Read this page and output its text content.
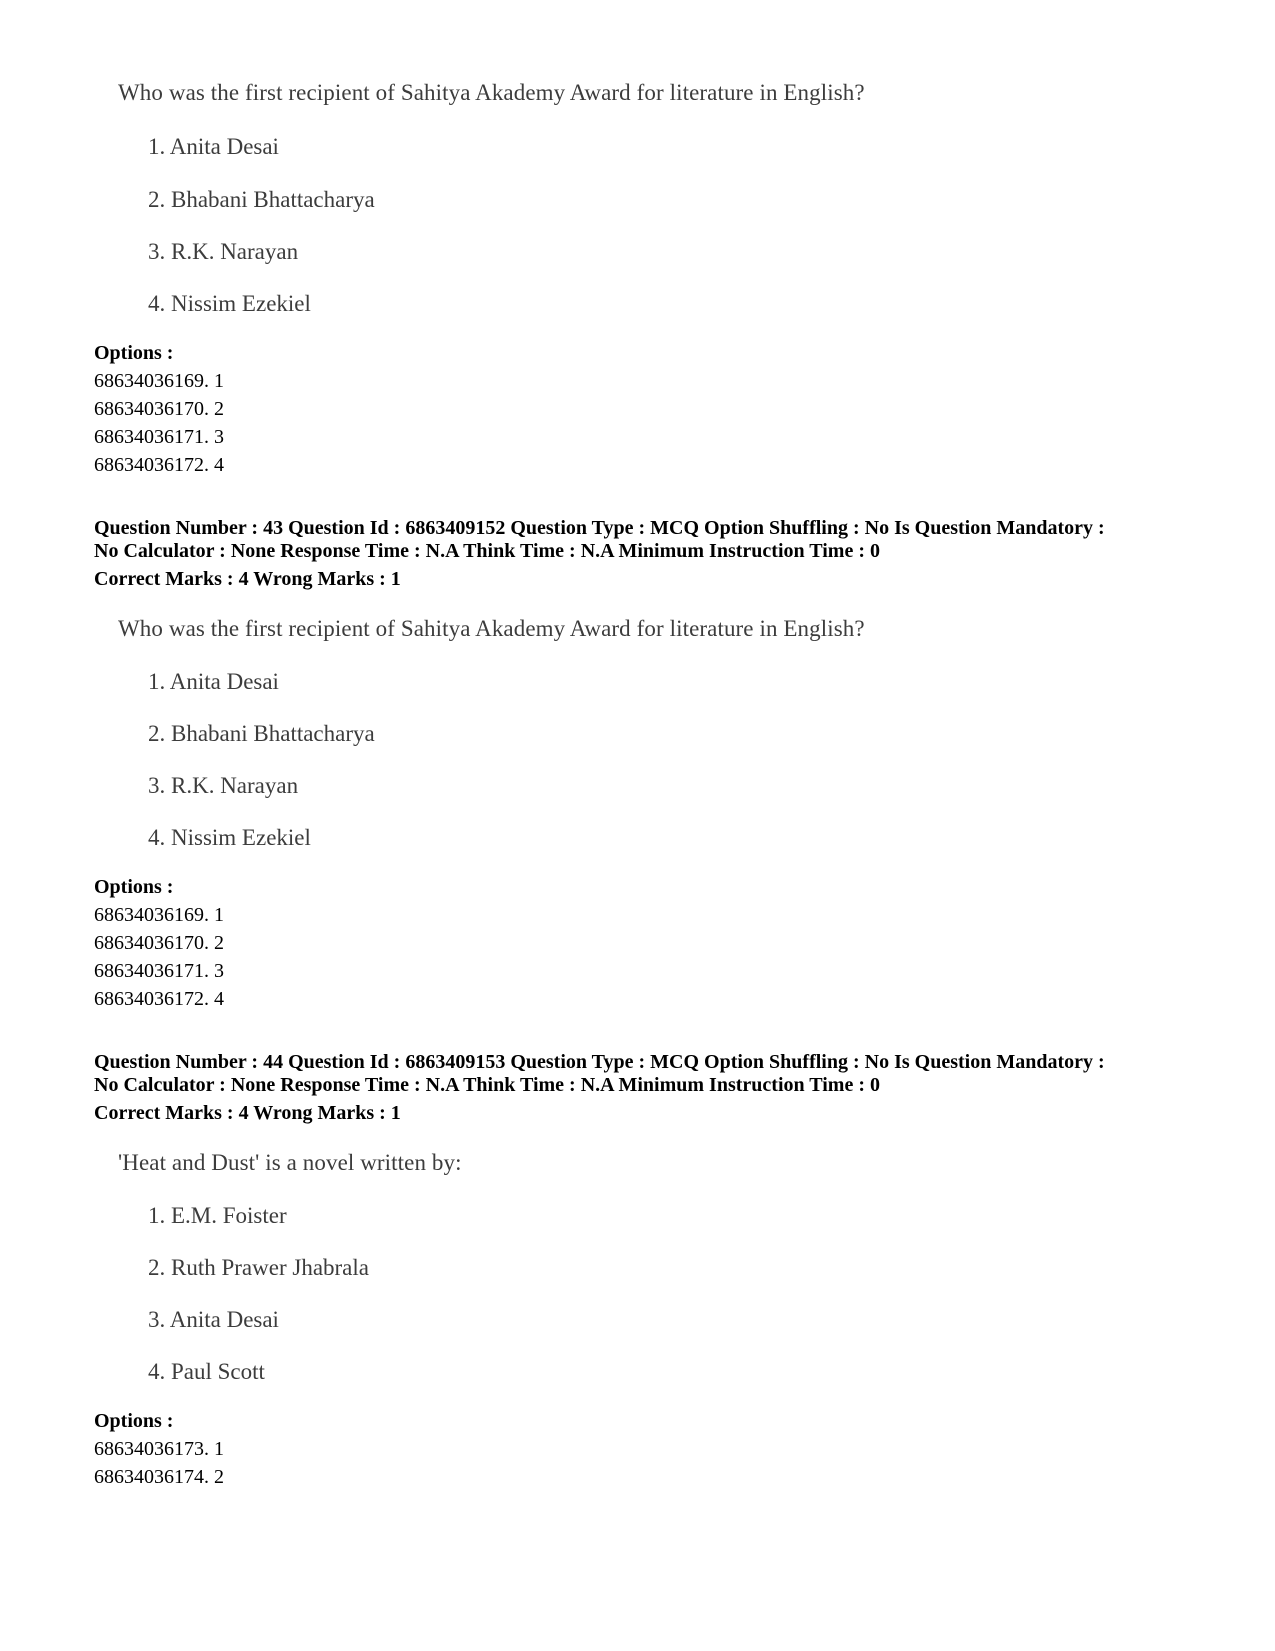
Who was the first recipient of Sahitya Akademy Award for literature in English?
1. Anita Desai
2. Bhabani Bhattacharya
3. R.K. Narayan
4. Nissim Ezekiel
Options :
68634036169. 1
68634036170. 2
68634036171. 3
68634036172. 4
Question Number : 43 Question Id : 6863409152 Question Type : MCQ Option Shuffling : No Is Question Mandatory :
No Calculator : None Response Time : N.A Think Time : N.A Minimum Instruction Time : 0
Correct Marks : 4 Wrong Marks : 1
Who was the first recipient of Sahitya Akademy Award for literature in English?
1. Anita Desai
2. Bhabani Bhattacharya
3. R.K. Narayan
4. Nissim Ezekiel
Options :
68634036169. 1
68634036170. 2
68634036171. 3
68634036172. 4
Question Number : 44 Question Id : 6863409153 Question Type : MCQ Option Shuffling : No Is Question Mandatory :
No Calculator : None Response Time : N.A Think Time : N.A Minimum Instruction Time : 0
Correct Marks : 4 Wrong Marks : 1
'Heat and Dust' is a novel written by:
1. E.M. Foister
2. Ruth Prawer Jhabrala
3. Anita Desai
4. Paul Scott
Options :
68634036173. 1
68634036174. 2
